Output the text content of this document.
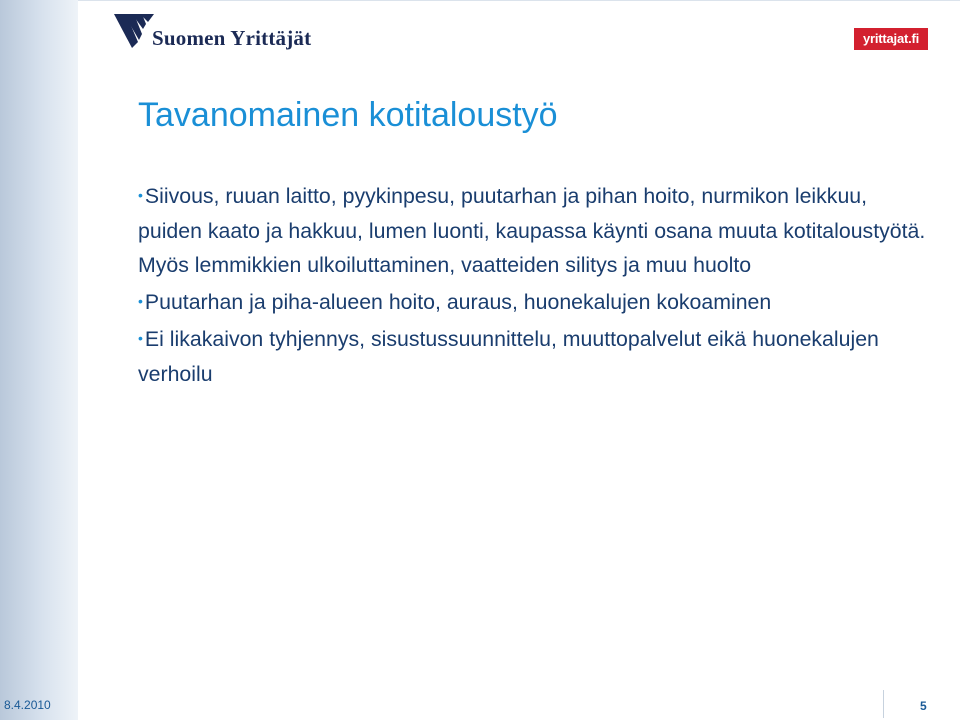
Suomen Yrittäjät	yrittajat.fi
Tavanomainen kotitaloustyö
•Siivous, ruuan laitto, pyykinpesu, puutarhan ja pihan hoito, nurmikon leikkuu, puiden kaato ja hakkuu, lumen luonti, kaupassa käynti osana muuta kotitaloustyötä. Myös lemmikkien ulkoiluttaminen, vaatteiden silitys ja muu huolto
•Puutarhan ja piha-alueen hoito, auraus, huonekalujen kokoaminen
•Ei likakaivon tyhjennys, sisustussuunnittelu, muuttopalvelut eikä huonekalujen verhoilu
8.4.2010	5
